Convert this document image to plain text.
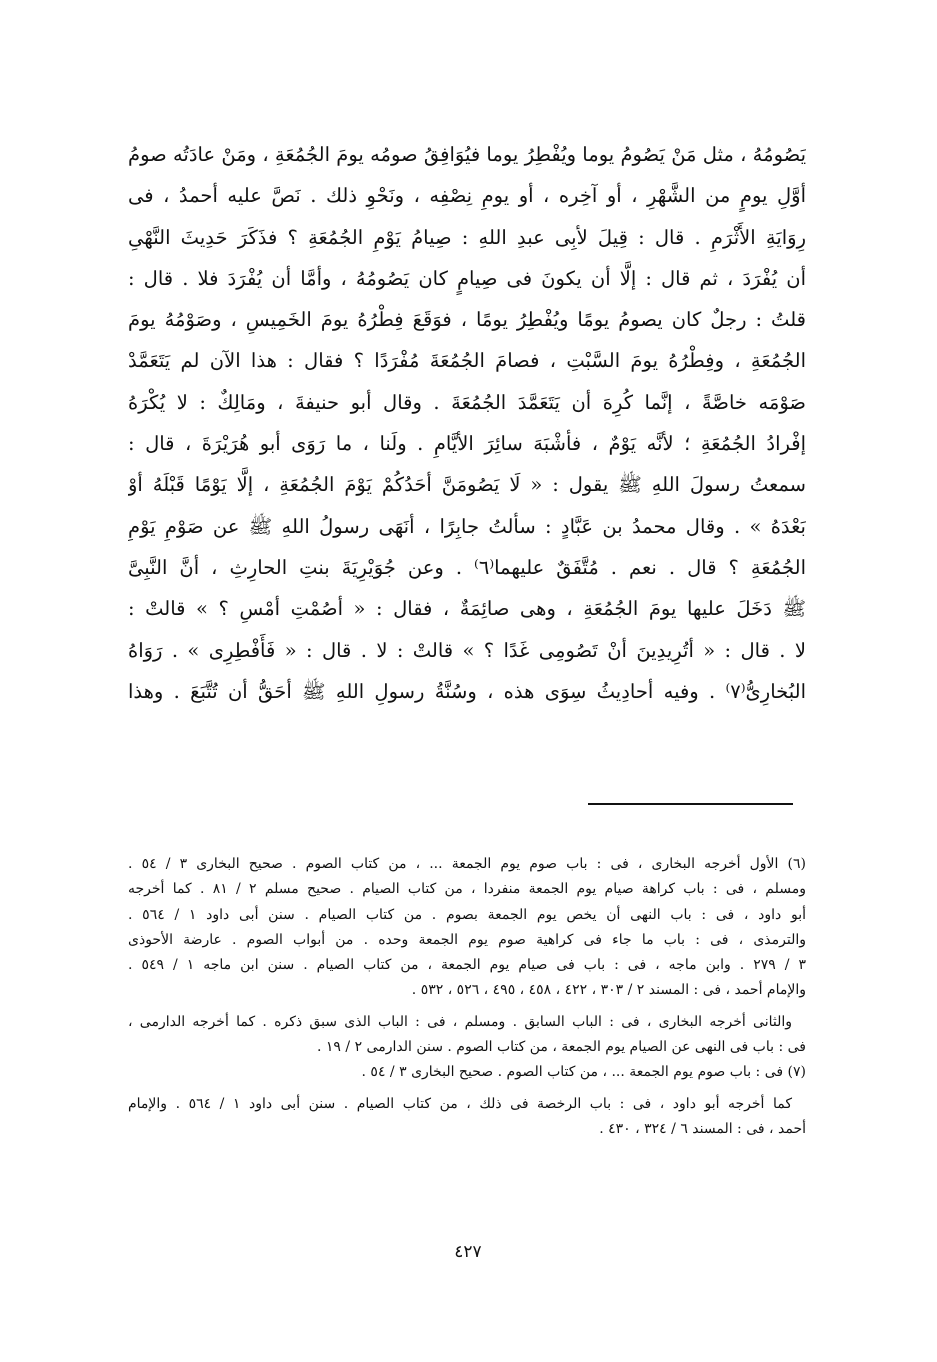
يَصُومُهُ ، مثل مَنْ يَصُومُ يوما ويُفْطِرُ يوما فيُوَافِقُ صومُه يومَ الجُمُعَةِ ، ومَنْ عادَتُه صومُ
أوَّلِ يومٍ من الشَّهْرِ ، أو آخِره ، أو يومِ نِصْفِه ، ونَحْوِ ذلك . نَصَّ عليه أحمدُ ، فى
رِوَايَةِ الأَثْرَمِ . قال : قِيلَ لأبِى عبدِ اللهِ : صِيامُ يَوْمِ الجُمُعَةِ ؟ فذَكَرَ حَدِيثَ النَّهْىِ
أن يُفْرَدَ ، ثم قال : إلَّا أن يكونَ فى صِيامٍ كان يَصُومُهُ ، وأمَّا أن يُفْرَدَ فلا . قال :
قلتُ : رجلٌ كان يصومُ يومًا ويُفْطِرُ يومًا ، فوَقَعَ فِطْرُهُ يومَ الخَمِيسِ ، وصَوْمُهُ يومَ
الجُمُعَةِ ، وفِطْرُهُ يومَ السَّبْتِ ، فصامَ الجُمُعَةَ مُفْرَدًا ؟ فقال : هذا الآن لم يَتَعَمَّدْ
صَوْمَه خاصَّةً ، إنَّما كُرِهَ أن يَتَعَمَّدَ الجُمُعَةَ . وقال أبو حنيفةَ ، ومَالِكٌ : لا يُكْرَهُ
إفْرادُ الجُمُعَةِ ؛ لأنَّه يَوْمٌ ، فأشْبَهَ سائِرَ الأيَّامِ . ولَنا ، ما رَوَى أبو هُرَيْرَةَ ، قال :
سمعتُ رسولَ اللهِ ﷺ يقول : « لَا يَصُومَنَّ أحَدُكُمْ يَوْمَ الجُمُعَةِ ، إلَّا يَوْمًا قَبْلَهُ أوْ
بَعْدَهُ » . وقال محمدُ بن عَبَّادٍ : سألتُ جابِرًا ، أنَهَى رسولُ اللهِ ﷺ عن صَوْمِ يَوْمِ
الجُمُعَةِ ؟ قال . نعم . مُتَّفَقٌ عليهما⁽٦⁾ . وعن جُوَيْرِيَةَ بنتِ الحارِثِ ، أنَّ النَّبِىَّ
ﷺ دَخَلَ عليها يومَ الجُمُعَةِ ، وهى صائِمَةٌ ، فقال : « أصُمْتِ أمْسِ ؟ » قالتْ :
لا . قال : « أتُرِيدِينَ أنْ تَصُومِى غَدًا ؟ » قالتْ : لا . قال : « فَأَفْطِرِى » . رَوَاهُ
البُخارِىُّ⁽٧⁾ . وفيه أحادِيثُ سِوَى هذه ، وسُنَّةُ رسولِ اللهِ ﷺ أحَقُّ أن تُتَّبَعَ . وهذا
(٦) الأول أخرجه البخارى ، فى : باب صوم يوم الجمعة ... ، من كتاب الصوم . صحيح البخارى ٣ / ٥٤ .
ومسلم ، فى : باب كراهة صيام يوم الجمعة منفردا ، من كتاب الصيام . صحيح مسلم ٢ / ٨١ . كما أخرجه
أبو داود ، فى : باب النهى أن يخص يوم الجمعة بصوم . من كتاب الصيام . سنن أبى داود ١ / ٥٦٤ .
والترمذى ، فى : باب ما جاء فى كراهية صوم يوم الجمعة وحده . من أبواب الصوم . عارضة الأحوذى
٣ / ٢٧٩ . وابن ماجه ، فى : باب فى صيام يوم الجمعة ، من كتاب الصيام . سنن ابن ماجه ١ / ٥٤٩ .
والإمام أحمد ، فى : المسند ٢ / ٣٠٣ ، ٤٢٢ ، ٤٥٨ ، ٤٩٥ ، ٥٢٦ ، ٥٣٢ .
والثانى أخرجه البخارى ، فى : الباب السابق . ومسلم ، فى : الباب الذى سبق ذكره . كما أخرجه الدارمى ،
فى : باب فى النهى عن الصيام يوم الجمعة ، من كتاب الصوم . سنن الدارمى ٢ / ١٩ .
(٧) فى : باب صوم يوم الجمعة ... ، من كتاب الصوم . صحيح البخارى ٣ / ٥٤ .
كما أخرجه أبو داود ، فى : باب الرخصة فى ذلك ، من كتاب الصيام . سنن أبى داود ١ / ٥٦٤ . والإمام
أحمد ، فى : المسند ٦ / ٣٢٤ ، ٤٣٠ .
٤٢٧
